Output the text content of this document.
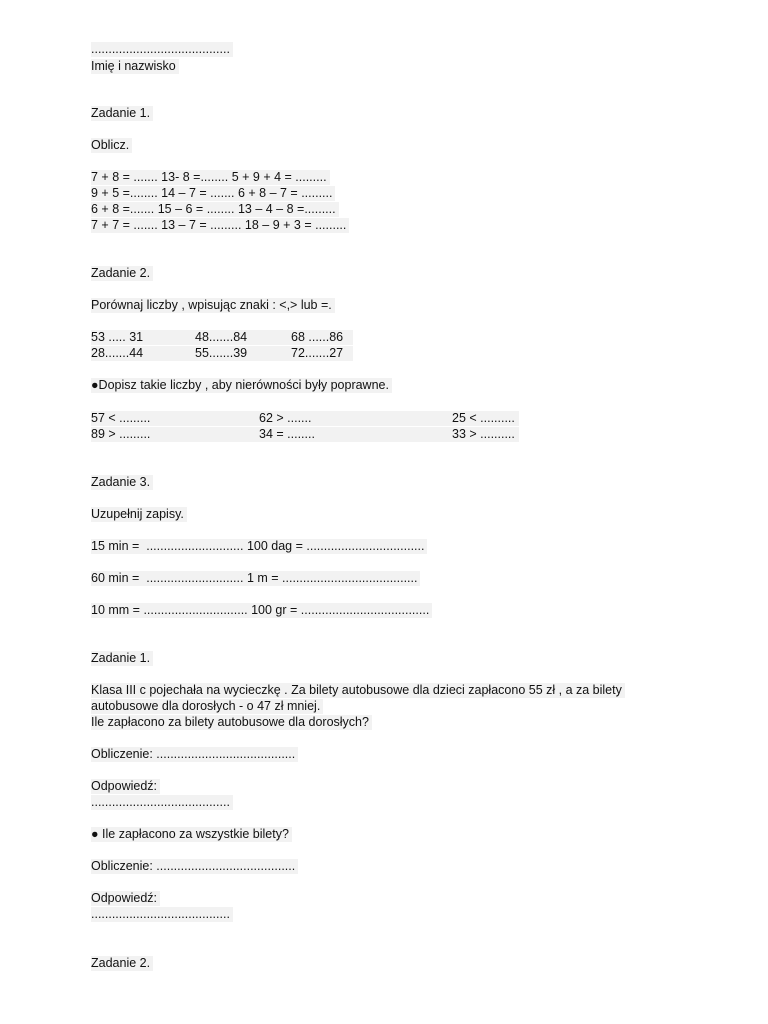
........................................
Imię i nazwisko
Zadanie 1.
Oblicz.
7 + 8 = ....... 13- 8 =........ 5 + 9 + 4 = .........
9 + 5 =........ 14 – 7 = ....... 6 + 8 – 7 = .........
6 + 8 =....... 15 – 6 = ........ 13 – 4 – 8 =.........
7 + 7 = ....... 13 – 7 = ......... 18 – 9 + 3 = .........
Zadanie 2.
Porównaj liczby , wpisując znaki : <,> lub =.
53 ..... 31	48.......84	68 ......86
28.......44	55.......39	72.......27
●Dopisz takie liczby , aby nierówności były poprawne.
57 < .........	62 > .......	25 < ..........
89 > .........	34 = ........	33 > ..........
Zadanie 3.
Uzupełnij zapisy.
15 min =  ............................ 100 dag = ..................................
60 min =  ............................ 1 m = .......................................
10 mm = .............................. 100 gr = .....................................
Zadanie 1.
Klasa III c pojechała na wycieczkę . Za bilety autobusowe dla dzieci zapłacono 55 zł , a za bilety
autobusowe dla dorosłych - o 47 zł mniej.
Ile zapłacono za bilety autobusowe dla dorosłych?
Obliczenie: ........................................
Odpowiedź:
........................................
● Ile zapłacono za wszystkie bilety?
Obliczenie: ........................................
Odpowiedź:
........................................
Zadanie 2.
